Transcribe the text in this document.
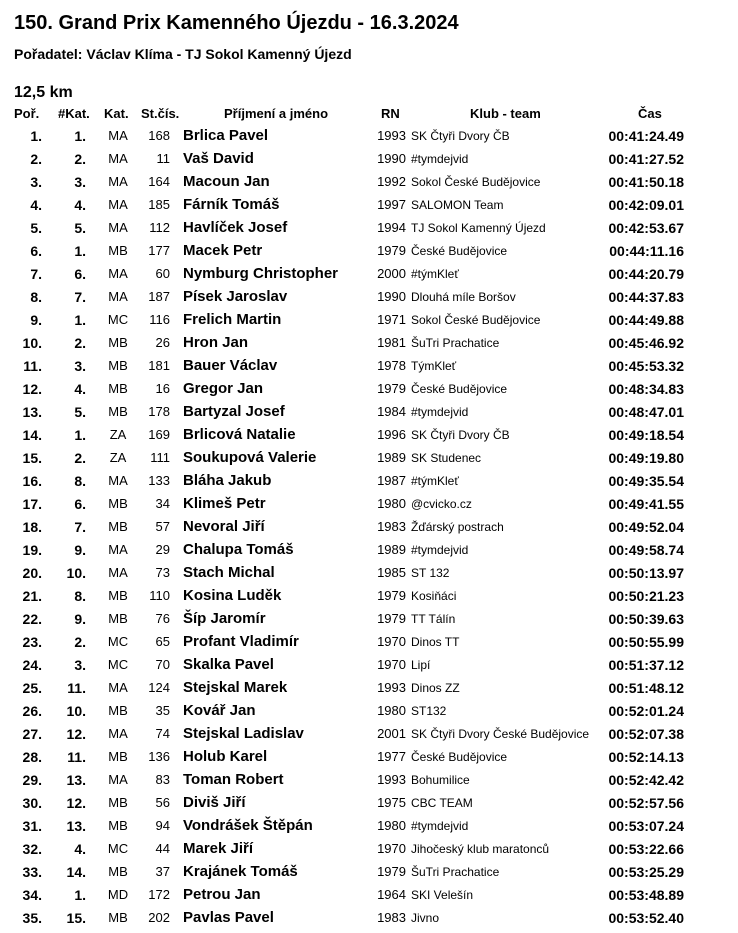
150. Grand Prix Kamenného Újezdu - 16.3.2024
Pořadatel: Václav Klíma - TJ Sokol Kamenný Újezd
12,5 km
Poř. #Kat.	Kat. St.čís.	Příjmení a jméno	RN	Klub - team	Čas
1.	1.	MA	168 Brlica Pavel	1993 SK Čtyři Dvory ČB	00:41:24.49
2.	2.	MA	11 Vaš David	1990 #tymdejvid	00:41:27.52
3.	3.	MA	164 Macoun Jan	1992 Sokol České Budějovice	00:41:50.18
4.	4.	MA	185 Fárník Tomáš	1997 SALOMON Team	00:42:09.01
5.	5.	MA	112 Havlíček Josef	1994 TJ Sokol Kamenný Újezd	00:42:53.67
6.	1.	MB	177 Macek Petr	1979 České Budějovice	00:44:11.16
7.	6.	MA	60 Nymburg Christopher	2000 #týmKleť	00:44:20.79
8.	7.	MA	187 Písek Jaroslav	1990 Dlouhá míle Boršov	00:44:37.83
9.	1.	MC	116 Frelich Martin	1971 Sokol České Budějovice	00:44:49.88
10.	2.	MB	26 Hron Jan	1981 ŠuTri Prachatice	00:45:46.92
11.	3.	MB	181 Bauer Václav	1978 TýmKleť	00:45:53.32
12.	4.	MB	16 Gregor Jan	1979 České Budějovice	00:48:34.83
13.	5.	MB	178 Bartyzal Josef	1984 #tymdejvid	00:48:47.01
14.	1.	ZA	169 Brlicová Natalie	1996 SK Čtyři Dvory ČB	00:49:18.54
15.	2.	ZA	111 Soukupová Valerie	1989 SK Studenec	00:49:19.80
16.	8.	MA	133 Bláha Jakub	1987 #týmKleť	00:49:35.54
17.	6.	MB	34 Klimeš Petr	1980 @cvicko.cz	00:49:41.55
18.	7.	MB	57 Nevoral Jiří	1983 Žďárský postrach	00:49:52.04
19.	9.	MA	29 Chalupa Tomáš	1989 #tymdejvid	00:49:58.74
20.	10.	MA	73 Stach Michal	1985 ST 132	00:50:13.97
21.	8.	MB	110 Kosina Luděk	1979 Kosiňáci	00:50:21.23
22.	9.	MB	76 Šíp Jaromír	1979 TT Tálín	00:50:39.63
23.	2.	MC	65 Profant Vladimír	1970 Dinos TT	00:50:55.99
24.	3.	MC	70 Skalka Pavel	1970 Lipí	00:51:37.12
25.	11.	MA	124 Stejskal Marek	1993 Dinos ZZ	00:51:48.12
26.	10.	MB	35 Kovář Jan	1980 ST132	00:52:01.24
27.	12.	MA	74 Stejskal Ladislav	2001 SK Čtyři Dvory České Budějovice	00:52:07.38
28.	11.	MB	136 Holub Karel	1977 České Budějovice	00:52:14.13
29.	13.	MA	83 Toman Robert	1993 Bohumilice	00:52:42.42
30.	12.	MB	56 Diviš Jiří	1975 CBC TEAM	00:52:57.56
31.	13.	MB	94 Vondrášek Štěpán	1980 #tymdejvid	00:53:07.24
32.	4.	MC	44 Marek Jiří	1970 Jihočeský klub maratonců	00:53:22.66
33.	14.	MB	37 Krajánek Tomáš	1979 ŠuTri Prachatice	00:53:25.29
34.	1.	MD	172 Petrou Jan	1964 SKI Velešín	00:53:48.89
35.	15.	MB	202 Pavlas Pavel	1983 Jivno	00:53:52.40
